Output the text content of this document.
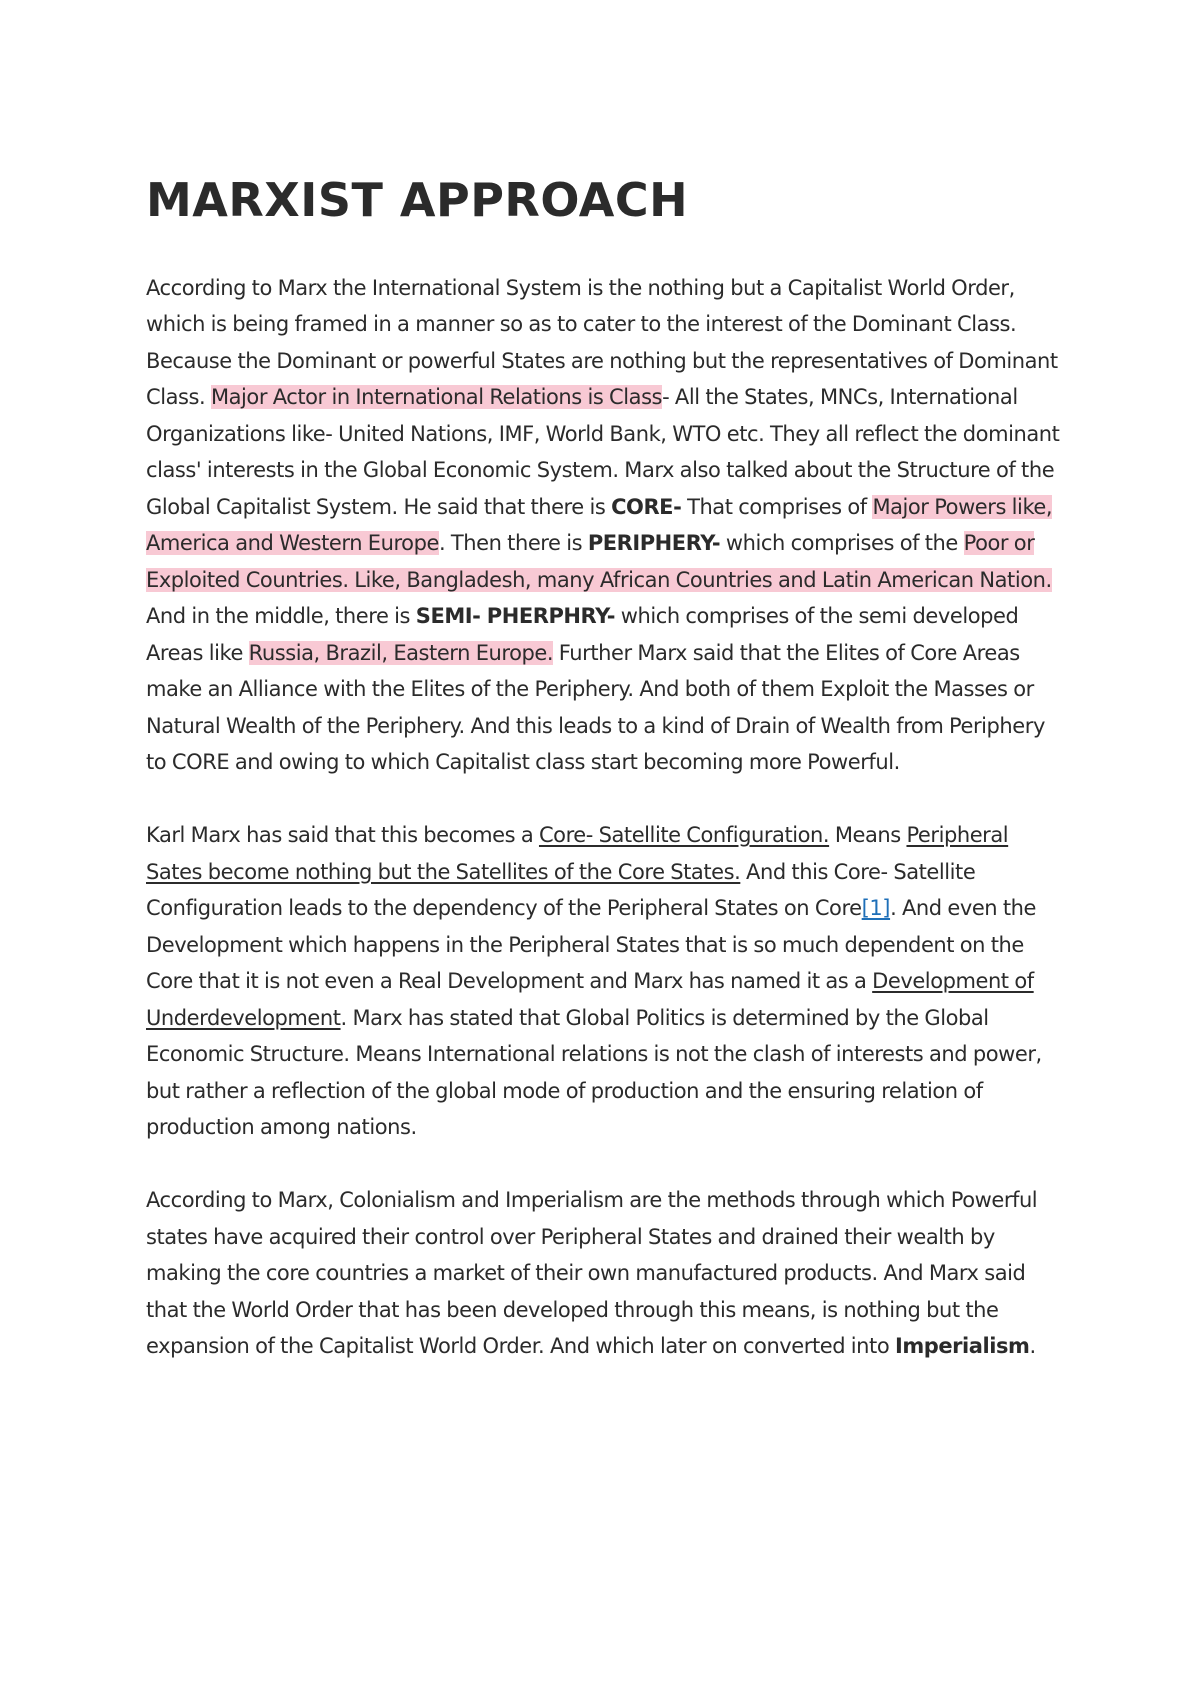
MARXIST APPROACH

According to Marx the International System is the nothing but a Capitalist World Order, which is being framed in a manner so as to cater to the interest of the Dominant Class. Because the Dominant or powerful States are nothing but the representatives of Dominant Class. Major Actor in International Relations is Class- All the States, MNCs, International Organizations like- United Nations, IMF, World Bank, WTO etc. They all reflect the dominant class' interests in the Global Economic System. Marx also talked about the Structure of the Global Capitalist System. He said that there is CORE- That comprises of Major Powers like, America and Western Europe. Then there is PERIPHERY- which comprises of the Poor or Exploited Countries. Like, Bangladesh, many African Countries and Latin American Nation. And in the middle, there is SEMI- PHERPHRY- which comprises of the semi developed Areas like Russia, Brazil, Eastern Europe. Further Marx said that the Elites of Core Areas make an Alliance with the Elites of the Periphery. And both of them Exploit the Masses or Natural Wealth of the Periphery. And this leads to a kind of Drain of Wealth from Periphery to CORE and owing to which Capitalist class start becoming more Powerful.

Karl Marx has said that this becomes a Core- Satellite Configuration. Means Peripheral Sates become nothing but the Satellites of the Core States. And this Core- Satellite Configuration leads to the dependency of the Peripheral States on Core[1]. And even the Development which happens in the Peripheral States that is so much dependent on the Core that it is not even a Real Development and Marx has named it as a Development of Underdevelopment. Marx has stated that Global Politics is determined by the Global Economic Structure. Means International relations is not the clash of interests and power, but rather a reflection of the global mode of production and the ensuring relation of production among nations.

According to Marx, Colonialism and Imperialism are the methods through which Powerful states have acquired their control over Peripheral States and drained their wealth by making the core countries a market of their own manufactured products. And Marx said that the World Order that has been developed through this means, is nothing but the expansion of the Capitalist World Order. And which later on converted into Imperialism.
